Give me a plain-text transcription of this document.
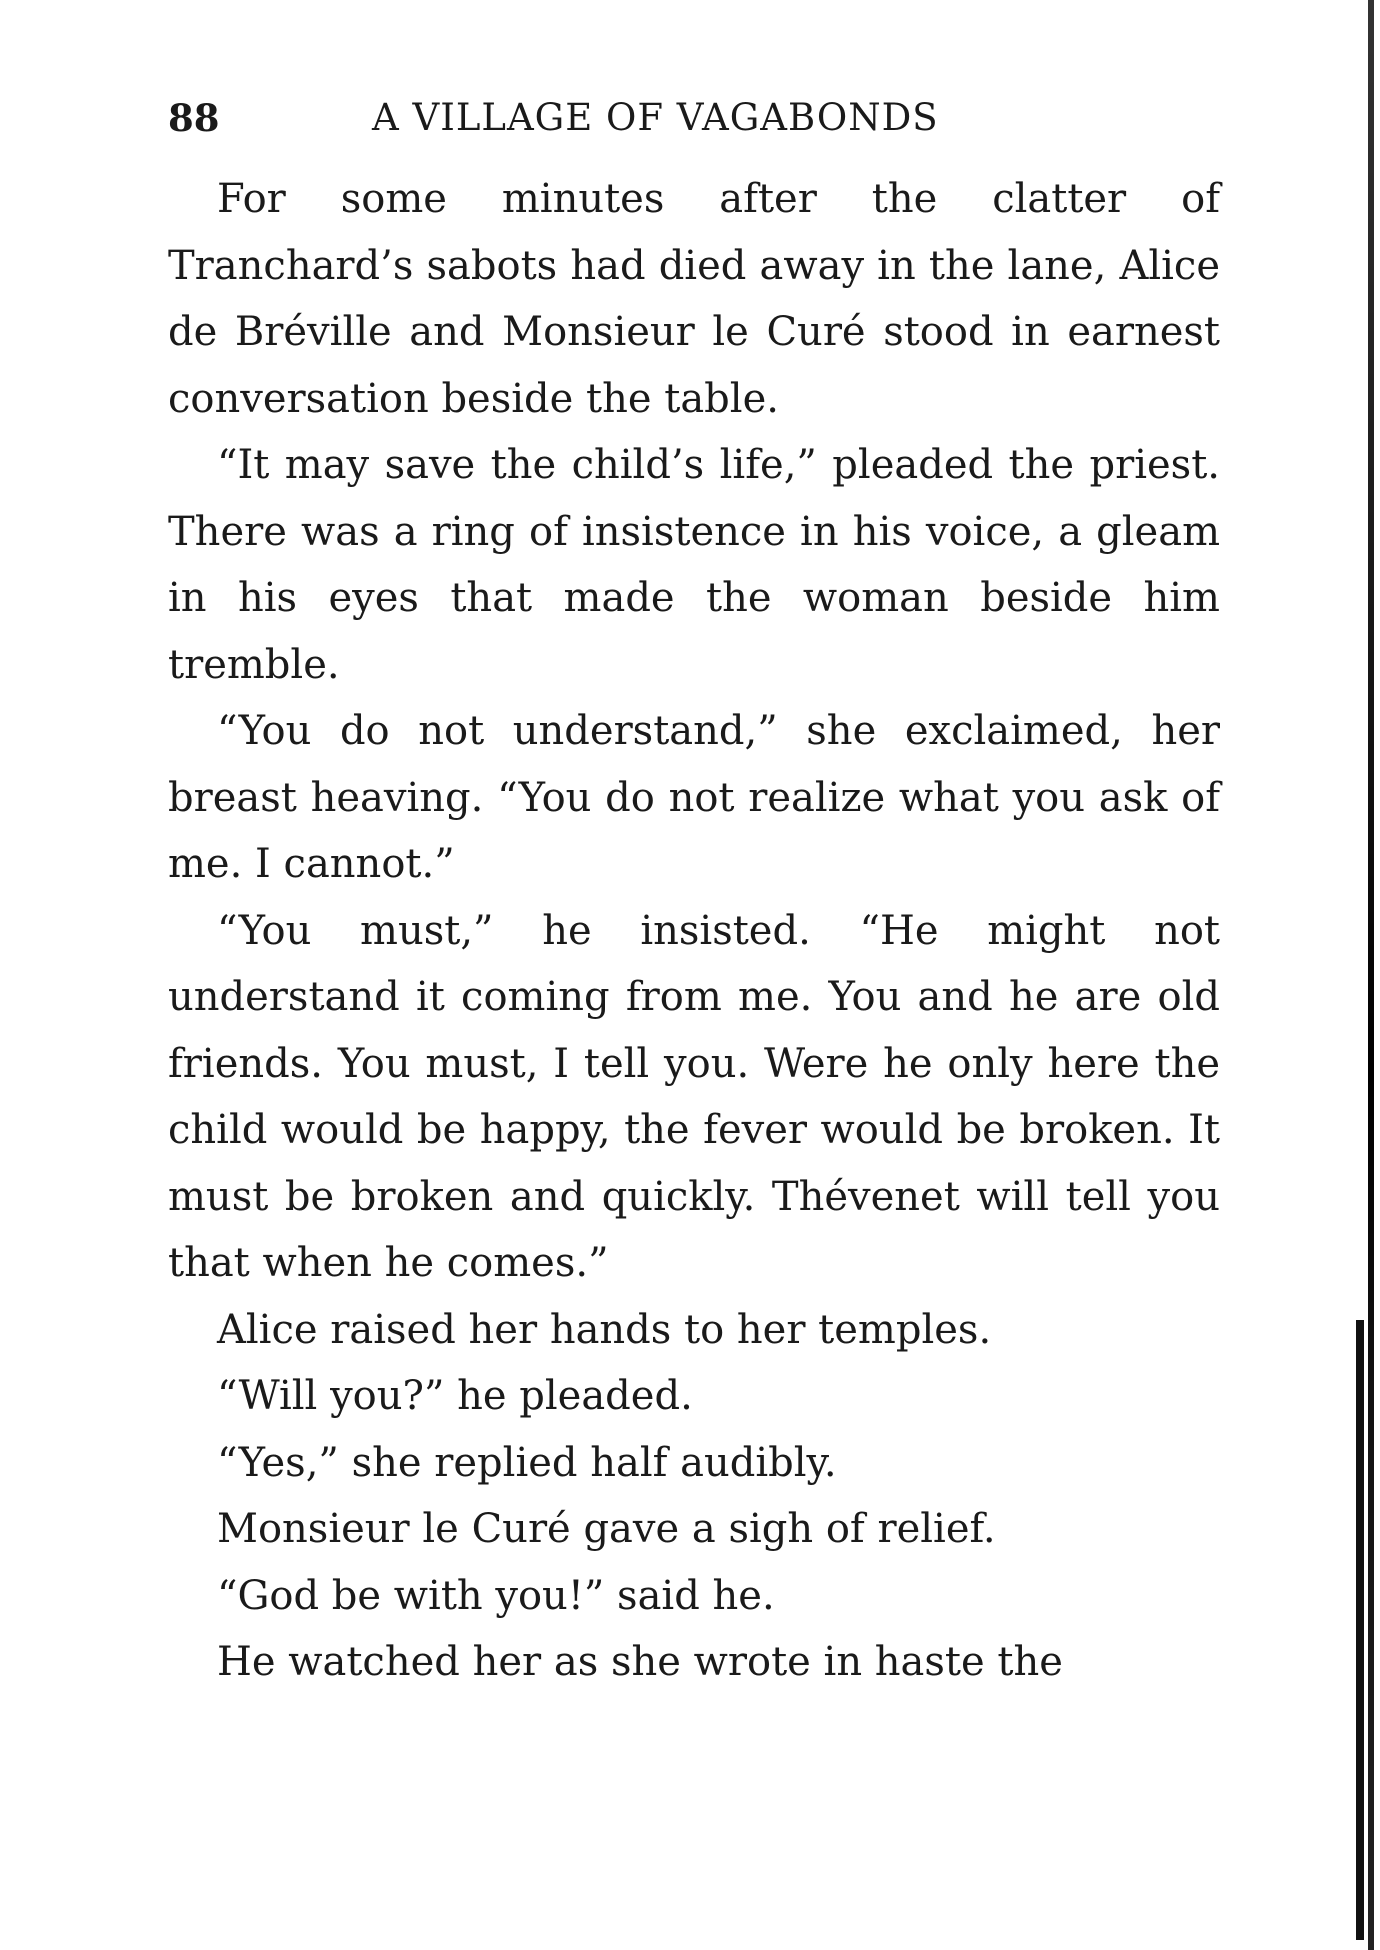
88	A VILLAGE OF VAGABONDS

For some minutes after the clatter of Tranchard’s sabots had died away in the lane, Alice de Bréville and Monsieur le Curé stood in earnest conversation beside the table.

“It may save the child’s life,” pleaded the priest. There was a ring of insistence in his voice, a gleam in his eyes that made the woman beside him tremble.

“You do not understand,” she exclaimed, her breast heaving. “You do not realize what you ask of me. I cannot.”

“You must,” he insisted. “He might not understand it coming from me. You and he are old friends. You must, I tell you. Were he only here the child would be happy, the fever would be broken. It must be broken and quickly. Thévenet will tell you that when he comes.”

Alice raised her hands to her temples.

“Will you?” he pleaded.

“Yes,” she replied half audibly.

Monsieur le Curé gave a sigh of relief.

“God be with you!” said he.

He watched her as she wrote in haste the
